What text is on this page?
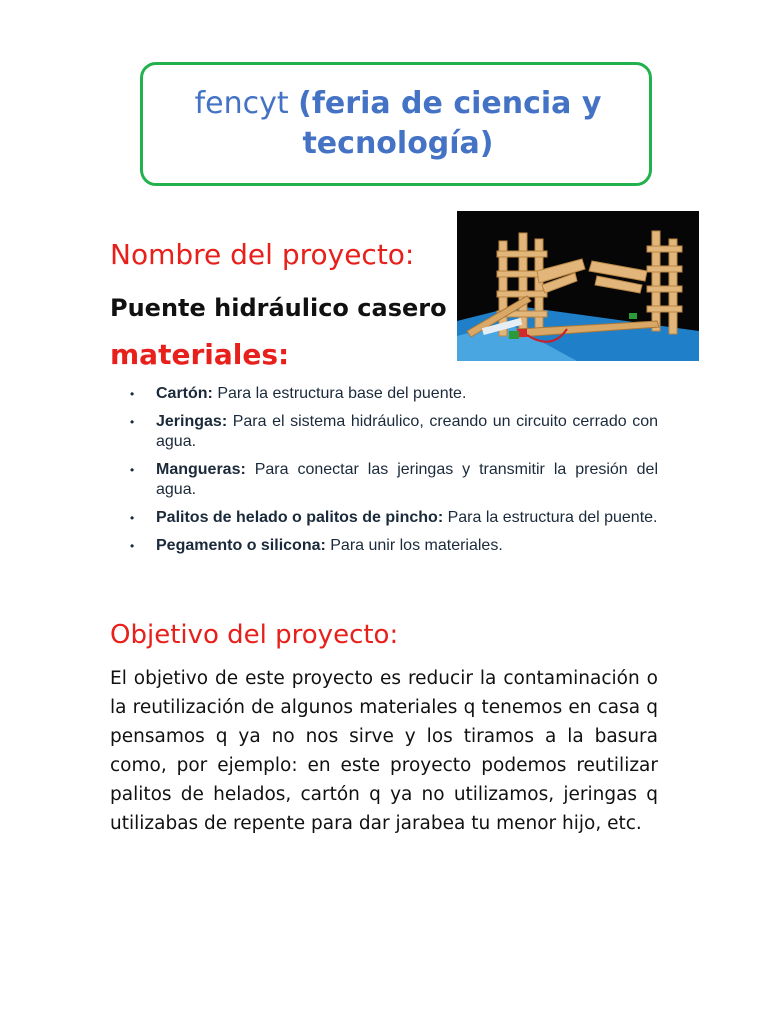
fencyt (feria de ciencia y tecnología)
Nombre del proyecto:
Puente hidráulico casero
materiales:
• Cartón: Para la estructura base del puente.
• Jeringas: Para el sistema hidráulico, creando un circuito cerrado con agua.
• Mangueras: Para conectar las jeringas y transmitir la presión del agua.
• Palitos de helado o palitos de pincho: Para la estructura del puente.
• Pegamento o silicona: Para unir los materiales.
Objetivo del proyecto:

El objetivo de este proyecto es reducir la contaminación o la reutilización de algunos materiales q tenemos en casa q pensamos q ya no nos sirve y los tiramos a la basura como, por ejemplo: en este proyecto podemos reutilizar palitos de helados, cartón q ya no utilizamos, jeringas q utilizabas de repente para dar jarabea tu menor hijo, etc.
